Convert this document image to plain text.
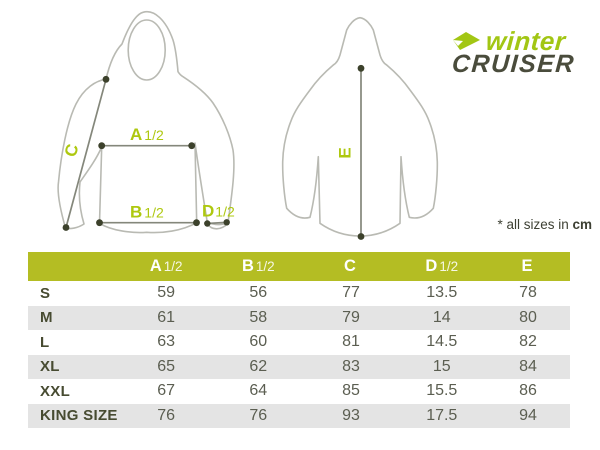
A 1/2
B 1/2 D1/2
C	E
winter
CRUISER
* all sizes in cm
	A 1/2	B 1/2	C	D 1/2	E
S	59	56	77	13.5	78
M	61	58	79	14	80
L	63	60	81	14.5	82
XL	65	62	83	15	84
XXL	67	64	85	15.5	86
KING SIZE	76	76	93	17.5	94
